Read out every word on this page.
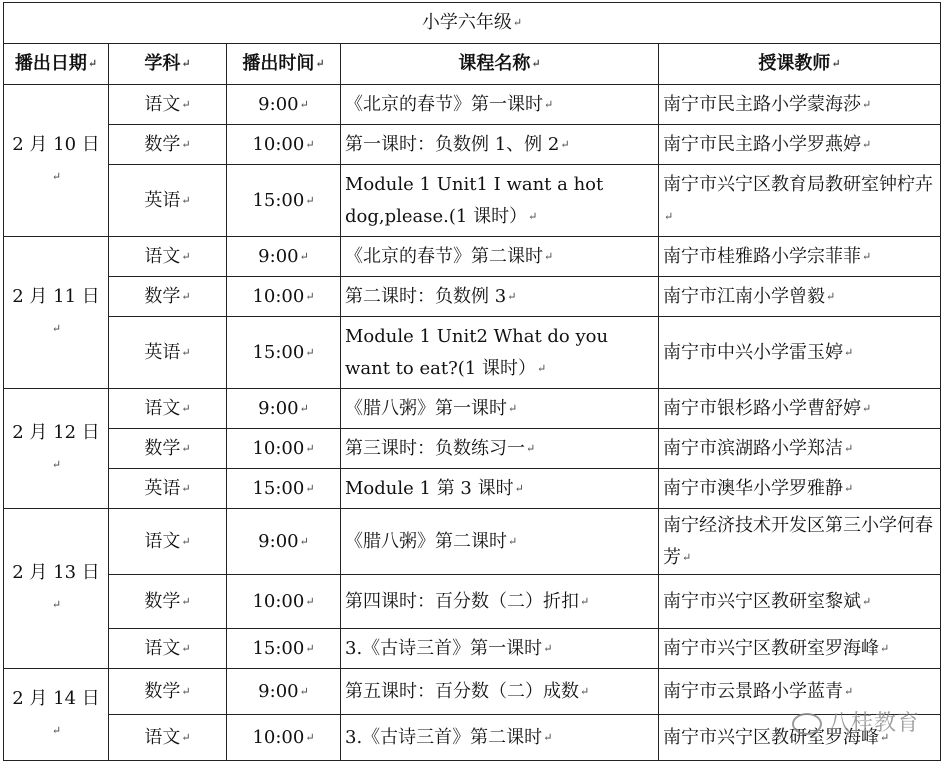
小学六年级 ↵
播出日期 ↵	学科 ↵	播出时间 ↵	课程名称 ↵	授课教师 ↵
2 月 10 日 ↵	语文 ↵	9:00 ↵	《北京的春节》第一课时 ↵	南宁市民主路小学蒙海莎 ↵
	数学 ↵	10:00 ↵	第一课时：负数例 1、例 2 ↵	南宁市民主路小学罗燕婷 ↵
	英语 ↵	15:00 ↵	Module 1 Unit1 I want a hot dog,please.(1 课时） ↵	南宁市兴宁区教育局教研室钟柠卉 ↵
2 月 11 日 ↵	语文 ↵	9:00 ↵	《北京的春节》第二课时 ↵	南宁市桂雅路小学宗菲菲 ↵
	数学 ↵	10:00 ↵	第二课时：负数例 3 ↵	南宁市江南小学曾毅 ↵
	英语 ↵	15:00 ↵	Module 1 Unit2 What do you want to eat?(1 课时） ↵	南宁市中兴小学雷玉婷 ↵
2 月 12 日 ↵	语文 ↵	9:00 ↵	《腊八粥》第一课时 ↵	南宁市银杉路小学曹舒婷 ↵
	数学 ↵	10:00 ↵	第三课时：负数练习一 ↵	南宁市滨湖路小学郑洁 ↵
	英语 ↵	15:00 ↵	Module 1 第 3 课时 ↵	南宁市澳华小学罗雅静 ↵
2 月 13 日 ↵	语文 ↵	9:00 ↵	《腊八粥》第二课时 ↵	南宁经济技术开发区第三小学何春芳 ↵
	数学 ↵	10:00 ↵	第四课时：百分数（二）折扣 ↵	南宁市兴宁区教研室黎斌 ↵
	语文 ↵	15:00 ↵	3.《古诗三首》第一课时 ↵	南宁市兴宁区教研室罗海峰 ↵
2 月 14 日 ↵	数学 ↵	9:00 ↵	第五课时：百分数（二）成数 ↵	南宁市云景路小学蓝青 ↵
	语文 ↵	10:00 ↵	3.《古诗三首》第二课时 ↵	南宁市兴宁区教研室罗海峰 ↵
八桂教育
